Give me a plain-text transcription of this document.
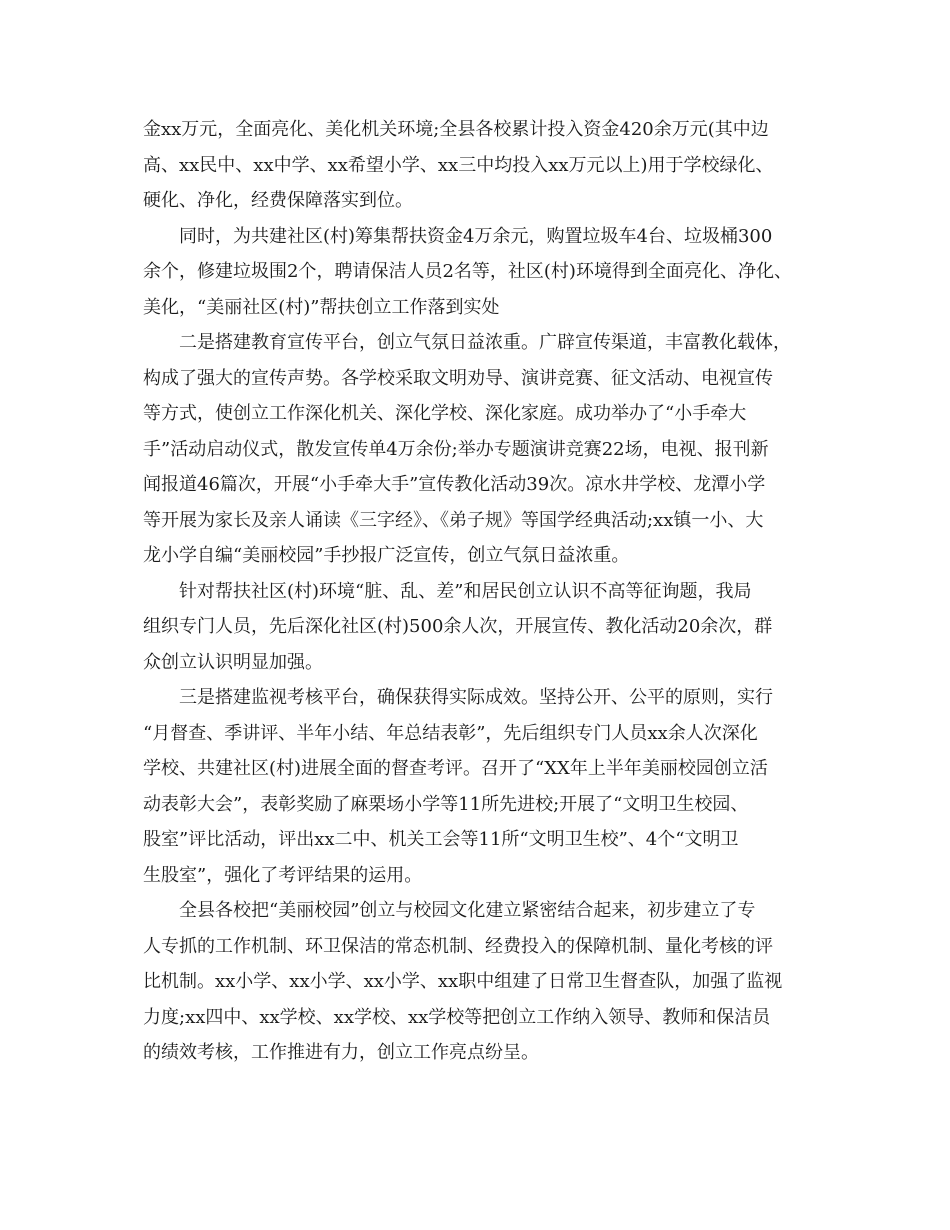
金xx万元，全面亮化、美化机关环境;全县各校累计投入资金420余万元(其中边
高、xx民中、xx中学、xx希望小学、xx三中均投入xx万元以上)用于学校绿化、
硬化、净化，经费保障落实到位。
同时，为共建社区(村)筹集帮扶资金4万余元，购置垃圾车4台、垃圾桶300
余个，修建垃圾围2个，聘请保洁人员2名等，社区(村)环境得到全面亮化、净化、
美化，“美丽社区(村)”帮扶创立工作落到实处
二是搭建教育宣传平台，创立气氛日益浓重。广辟宣传渠道，丰富教化载体，
构成了强大的宣传声势。各学校采取文明劝导、演讲竞赛、征文活动、电视宣传
等方式，使创立工作深化机关、深化学校、深化家庭。成功举办了“小手牵大
手”活动启动仪式，散发宣传单4万余份;举办专题演讲竞赛22场，电视、报刊新
闻报道46篇次，开展“小手牵大手”宣传教化活动39次。凉水井学校、龙潭小学
等开展为家长及亲人诵读《三字经》、《弟子规》等国学经典活动;xx镇一小、大
龙小学自编“美丽校园”手抄报广泛宣传，创立气氛日益浓重。
针对帮扶社区(村)环境“脏、乱、差”和居民创立认识不高等征询题，我局
组织专门人员，先后深化社区(村)500余人次，开展宣传、教化活动20余次，群
众创立认识明显加强。
三是搭建监视考核平台，确保获得实际成效。坚持公开、公平的原则，实行
“月督查、季讲评、半年小结、年总结表彰”，先后组织专门人员xx余人次深化
学校、共建社区(村)进展全面的督查考评。召开了“XX年上半年美丽校园创立活
动表彰大会”，表彰奖励了麻栗场小学等11所先进校;开展了“文明卫生校园、
股室”评比活动，评出xx二中、机关工会等11所“文明卫生校”、4个“文明卫
生股室”，强化了考评结果的运用。
全县各校把“美丽校园”创立与校园文化建立紧密结合起来，初步建立了专
人专抓的工作机制、环卫保洁的常态机制、经费投入的保障机制、量化考核的评
比机制。xx小学、xx小学、xx小学、xx职中组建了日常卫生督查队，加强了监视
力度;xx四中、xx学校、xx学校、xx学校等把创立工作纳入领导、教师和保洁员
的绩效考核，工作推进有力，创立工作亮点纷呈。
